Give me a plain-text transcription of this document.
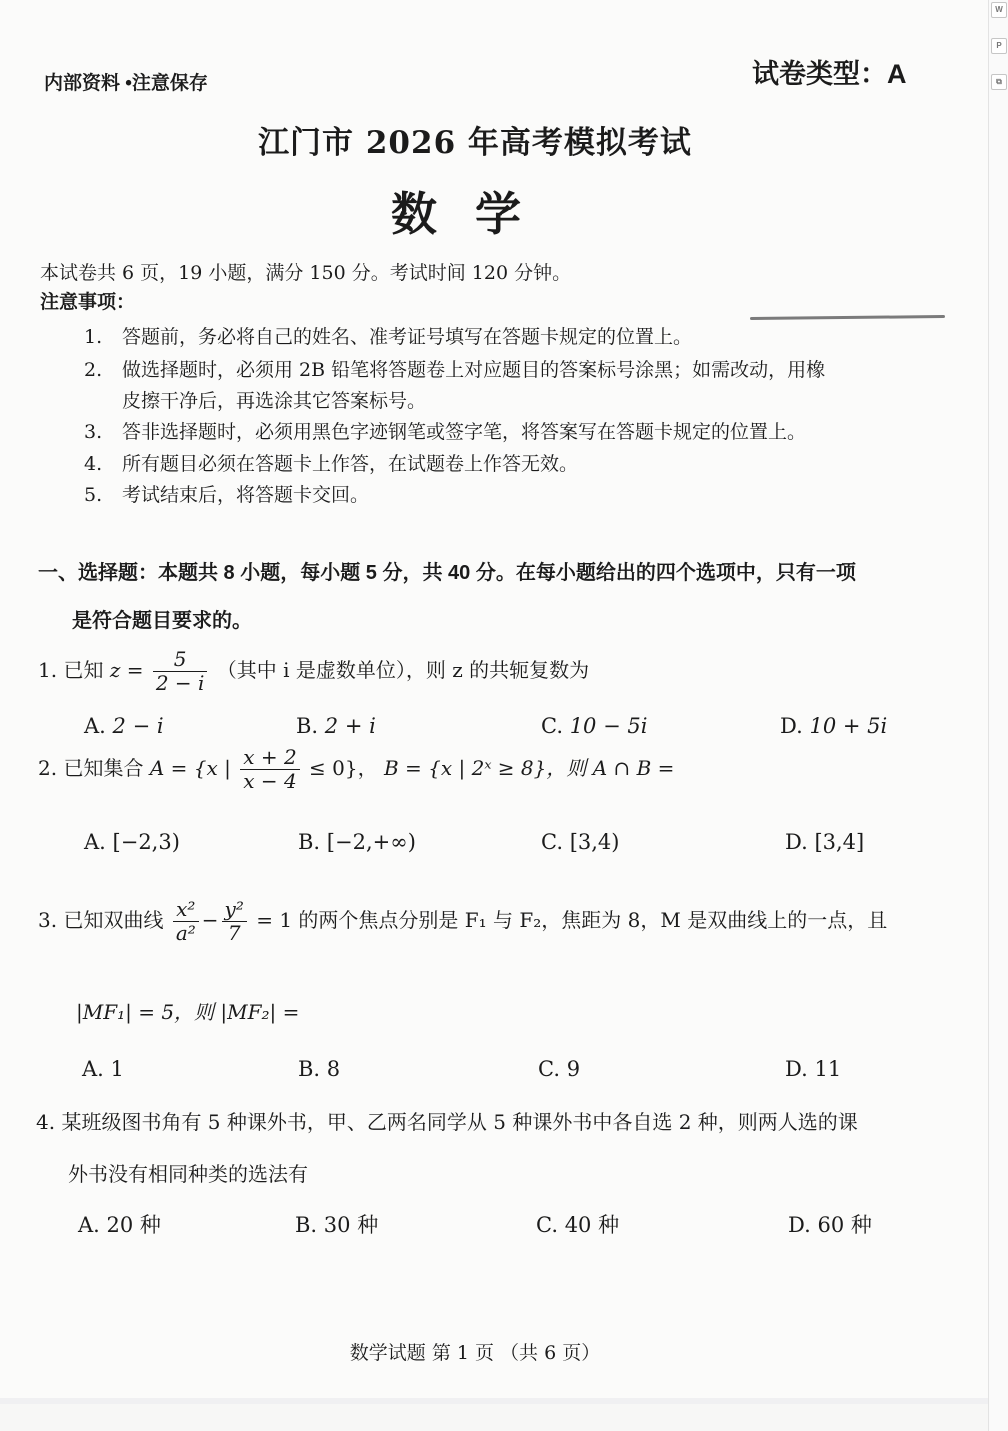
内部资料 •注意保存	试卷类型：A
江门市 2026 年高考模拟考试
数学
本试卷共 6 页，19 小题，满分 150 分。考试时间 120 分钟。
注意事项：
1. 答题前，务必将自己的姓名、准考证号填写在答题卡规定的位置上。
2. 做选择题时，必须用 2B 铅笔将答题卷上对应题目的答案标号涂黑；如需改动，用橡
皮擦干净后，再选涂其它答案标号。
3. 答非选择题时，必须用黑色字迹钢笔或签字笔，将答案写在答题卡规定的位置上。
4. 所有题目必须在答题卡上作答，在试题卷上作答无效。
5. 考试结束后，将答题卡交回。
一、选择题：本题共 8 小题，每小题 5 分，共 40 分。在每小题给出的四个选项中，只有一项
是符合题目要求的。
1. 已知 $z = \frac{5}{2 - i}$ （其中 i 是虚数单位），则 z 的共轭复数为
A. 2 − i	B. 2 + i	C. 10 − 5i	D. 10 + 5i
2. 已知集合 A = {x | $\frac{x + 2}{x - 4} \le 0$}， B = {x | 2ˣ ≥ 8}，则 A ∩ B =
A. [−2,3)	B. [−2,+∞)	C. [3,4)	D. [3,4]
3. 已知双曲线 $\frac{\text{x²}}{\text{a²}} - \frac{\text{y²}}{7} = 1$ 的两个焦点分别是 F₁ 与 F₂，焦距为 8，M 是双曲线上的一点，且
|MF₁| = 5，则 |MF₂| =
A. 1	B. 8	C. 9	D. 11
4. 某班级图书角有 5 种课外书，甲、乙两名同学从 5 种课外书中各自选 2 种，则两人选的课
外书没有相同种类的选法有
A. 20 种	B. 30 种	C. 40 种	D. 60 种
数学试题 第 1 页 （共 6 页）
W
P
⧉
